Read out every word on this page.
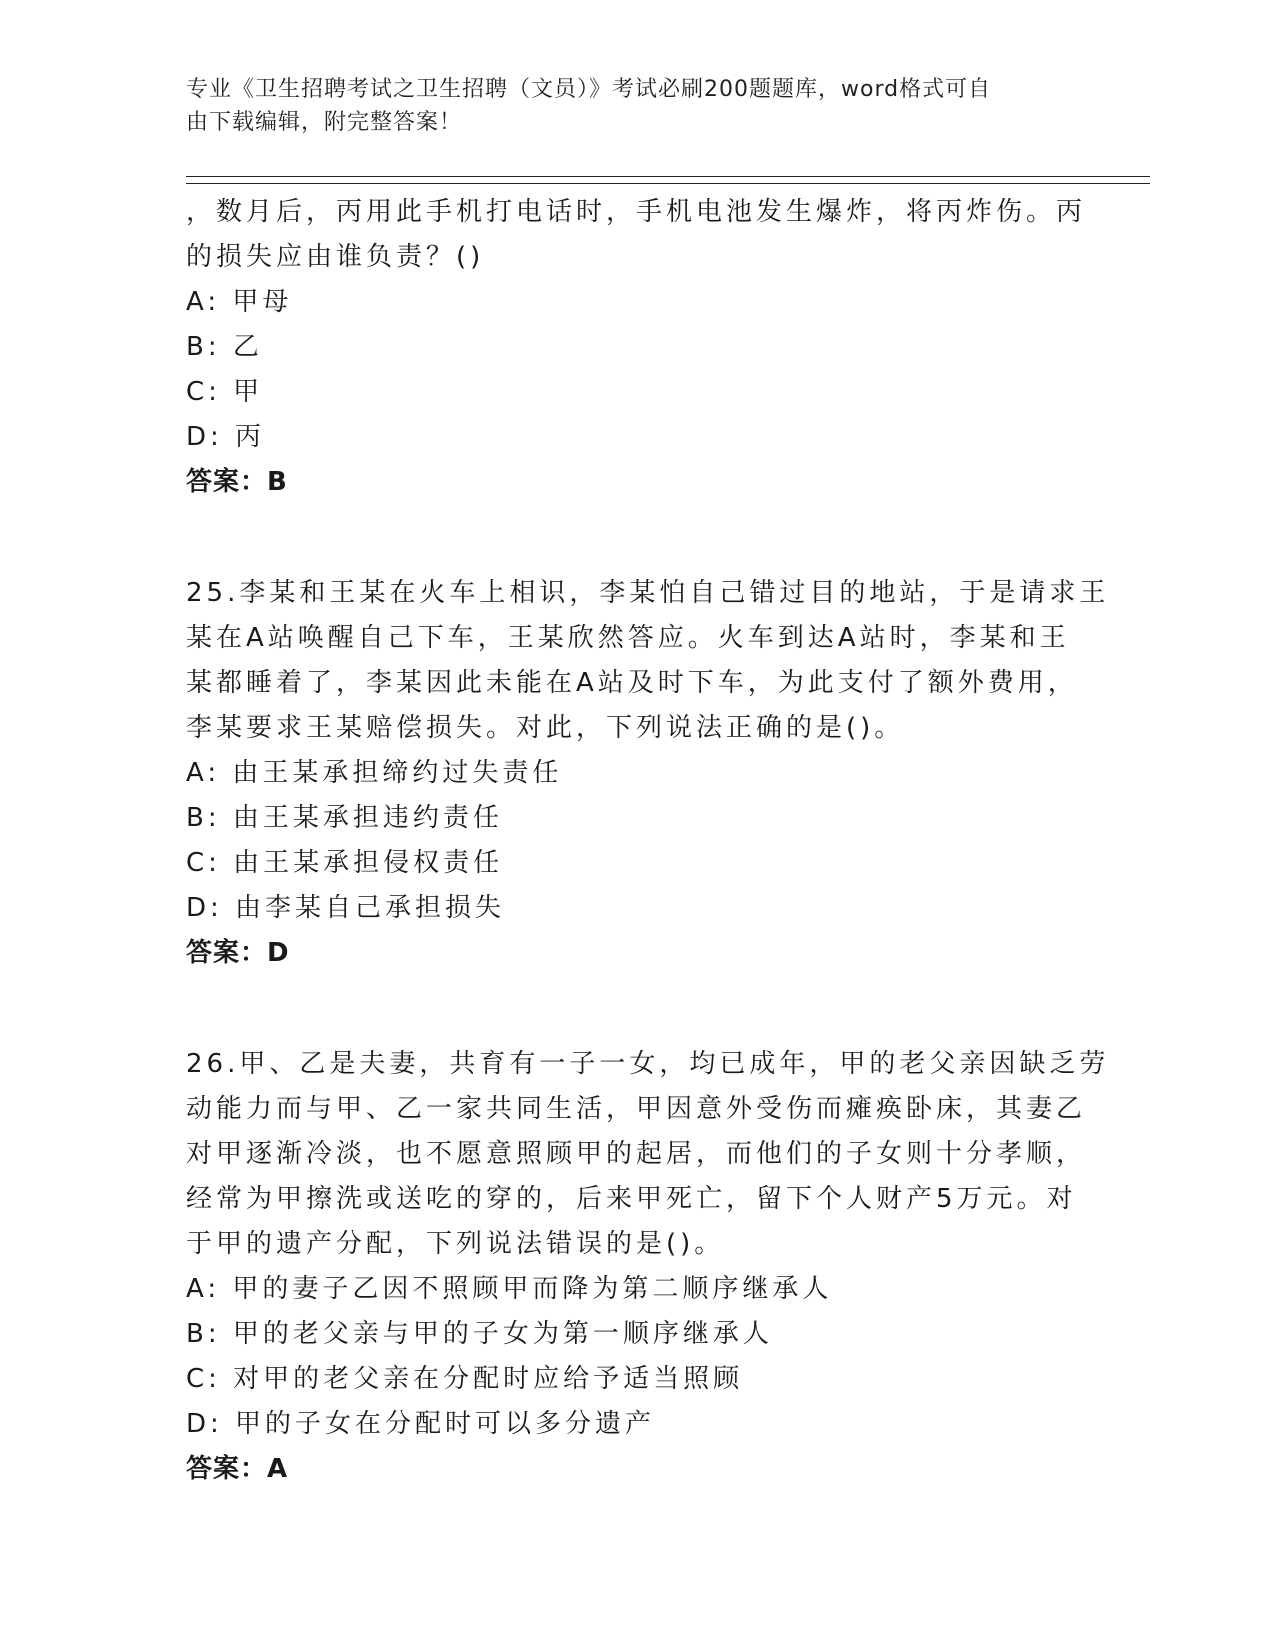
专业《卫生招聘考试之卫生招聘（文员）》考试必刷200题题库，word格式可自
由下载编辑，附完整答案！
，数月后，丙用此手机打电话时，手机电池发生爆炸，将丙炸伤。丙
的损失应由谁负责？()
A: 甲母
B: 乙
C: 甲
D: 丙
答案：B
25.李某和王某在火车上相识，李某怕自己错过目的地站，于是请求王
某在A站唤醒自己下车，王某欣然答应。火车到达A站时，李某和王
某都睡着了，李某因此未能在A站及时下车，为此支付了额外费用，
李某要求王某赔偿损失。对此，下列说法正确的是()。
A: 由王某承担缔约过失责任
B: 由王某承担违约责任
C: 由王某承担侵权责任
D: 由李某自己承担损失
答案：D
26.甲、乙是夫妻，共育有一子一女，均已成年，甲的老父亲因缺乏劳
动能力而与甲、乙一家共同生活，甲因意外受伤而瘫痪卧床，其妻乙
对甲逐渐冷淡，也不愿意照顾甲的起居，而他们的子女则十分孝顺，
经常为甲擦洗或送吃的穿的，后来甲死亡，留下个人财产5万元。对
于甲的遗产分配，下列说法错误的是()。
A: 甲的妻子乙因不照顾甲而降为第二顺序继承人
B: 甲的老父亲与甲的子女为第一顺序继承人
C: 对甲的老父亲在分配时应给予适当照顾
D: 甲的子女在分配时可以多分遗产
答案：A
